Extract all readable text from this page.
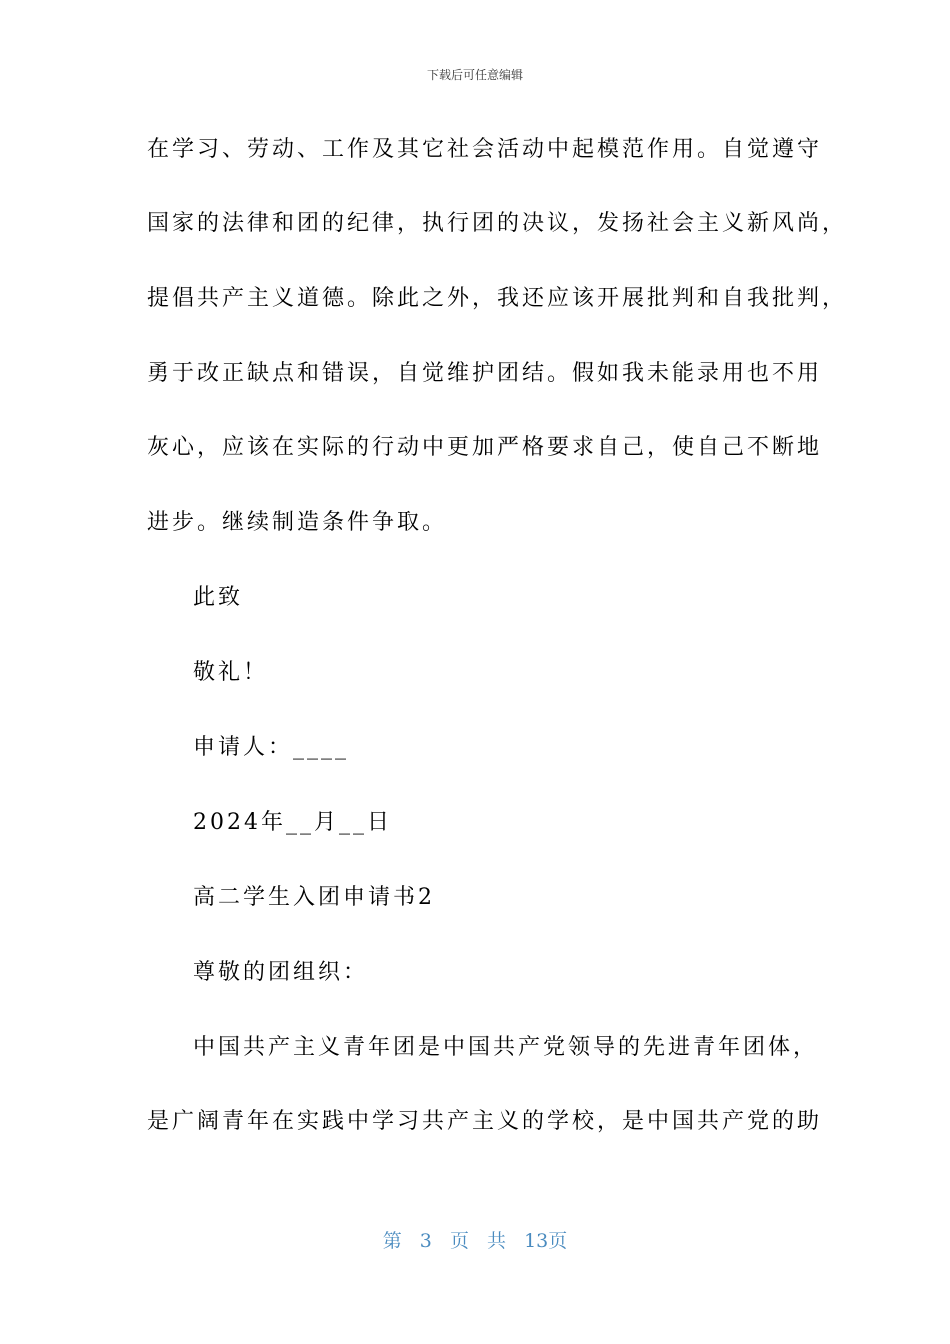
下载后可任意编辑
在学习、劳动、工作及其它社会活动中起模范作用。自觉遵守
国家的法律和团的纪律，执行团的决议，发扬社会主义新风尚，
提倡共产主义道德。除此之外，我还应该开展批判和自我批判，
勇于改正缺点和错误，自觉维护团结。假如我未能录用也不用
灰心，应该在实际的行动中更加严格要求自己，使自己不断地
进步。继续制造条件争取。
此致
敬礼！
申请人：____
2024年__月__日
高二学生入团申请书2
尊敬的团组织：
中国共产主义青年团是中国共产党领导的先进青年团体，
是广阔青年在实践中学习共产主义的学校，是中国共产党的助
第 3 页 共 13页
